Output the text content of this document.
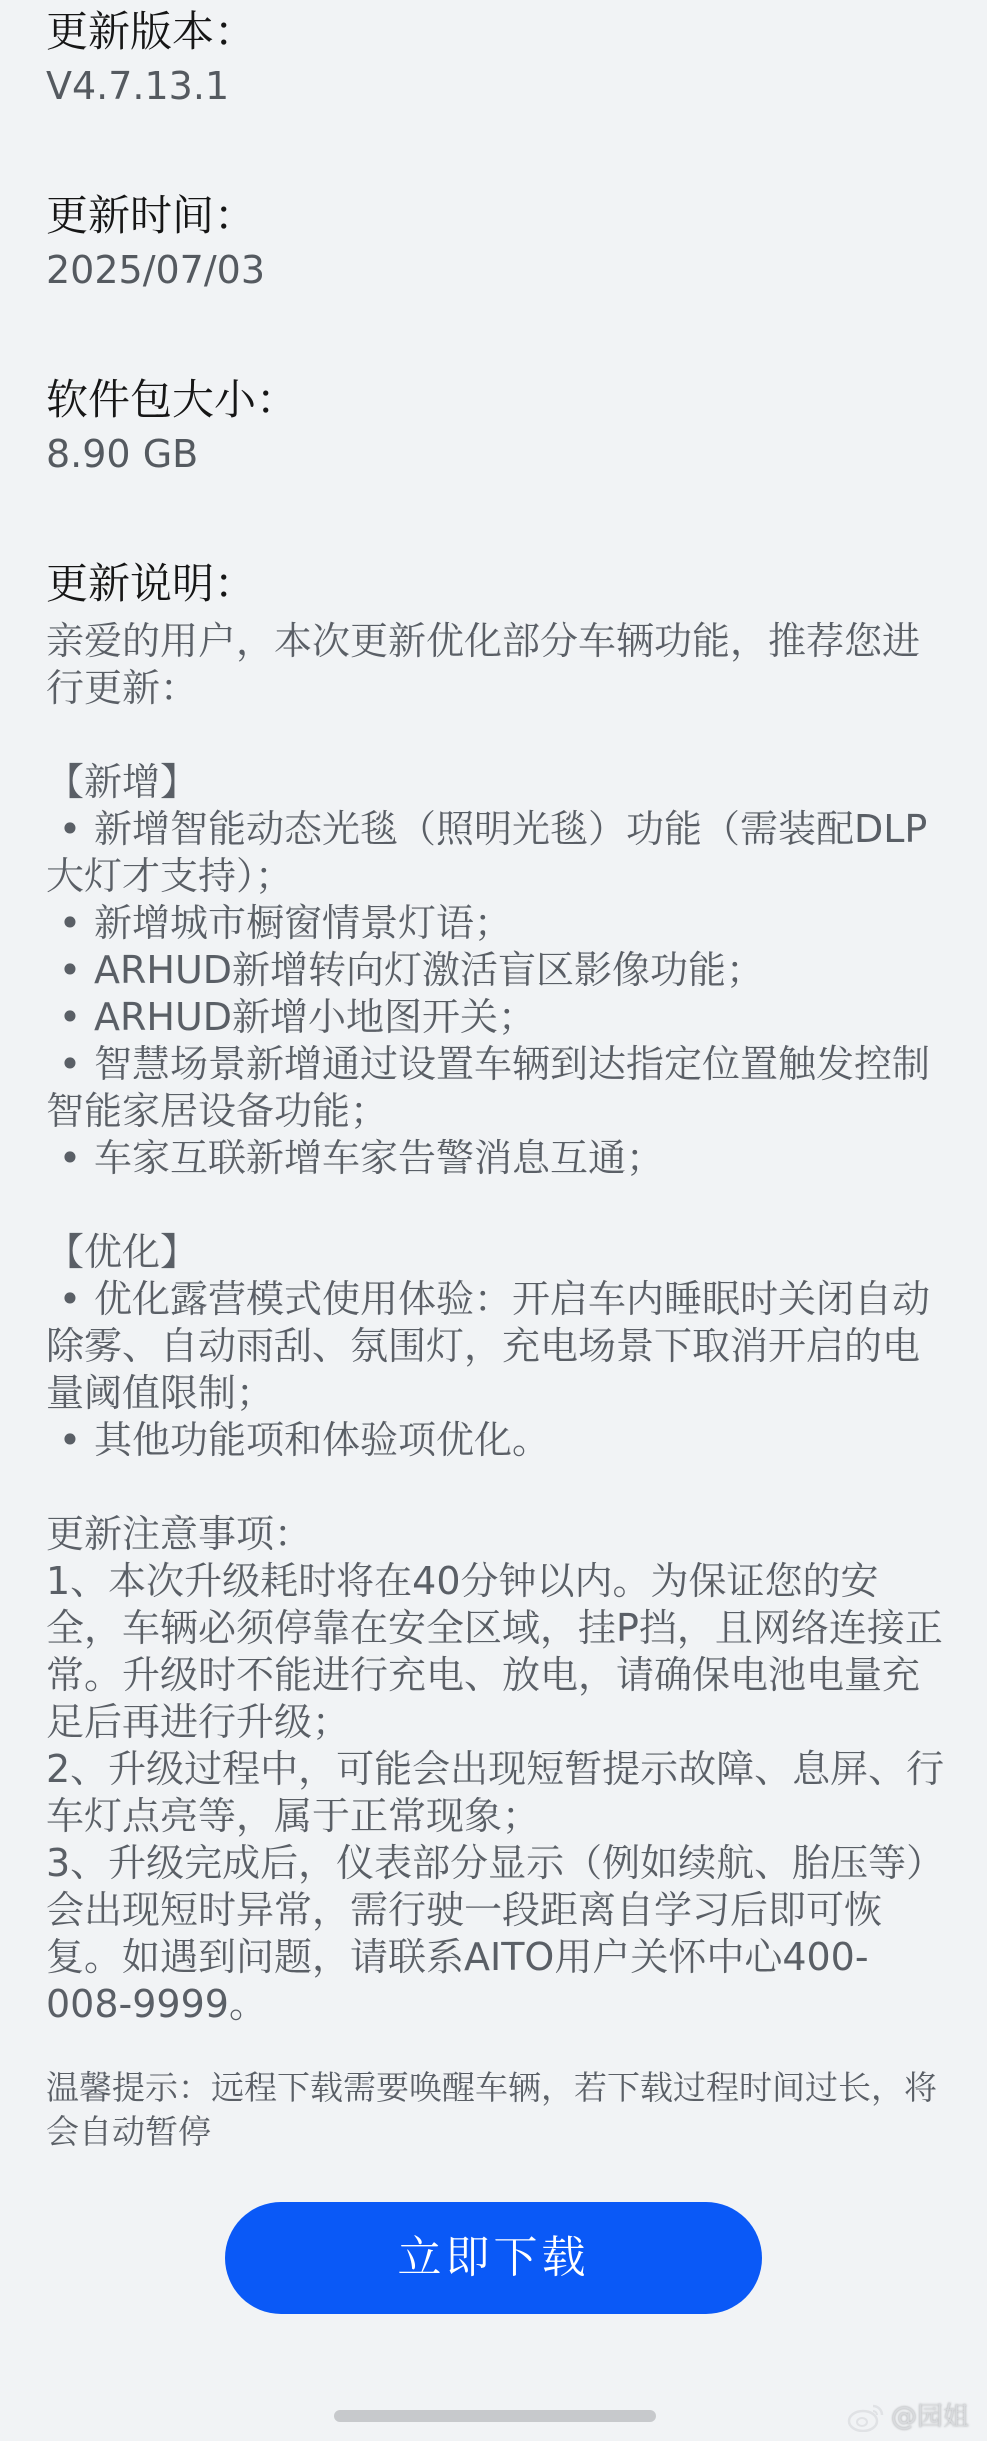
更新版本：
V4.7.13.1
更新时间：
2025/07/03
软件包大小：
8.90 GB
更新说明：

亲爱的用户，本次更新优化部分车辆功能，推荐您进行更新：

【新增】

• 新增智能动态光毯（照明光毯）功能（需装配DLP大灯才支持）；

• 新增城市橱窗情景灯语；

• ARHUD新增转向灯激活盲区影像功能；

• ARHUD新增小地图开关；

• 智慧场景新增通过设置车辆到达指定位置触发控制智能家居设备功能；

• 车家互联新增车家告警消息互通；

【优化】

• 优化露营模式使用体验：开启车内睡眠时关闭自动除雾、自动雨刮、氛围灯，充电场景下取消开启的电量阈值限制；

• 其他功能项和体验项优化。

更新注意事项：

1、本次升级耗时将在40分钟以内。为保证您的安全，车辆必须停靠在安全区域，挂P挡，且网络连接正常。升级时不能进行充电、放电，请确保电池电量充足后再进行升级；

2、升级过程中，可能会出现短暂提示故障、息屏、行车灯点亮等，属于正常现象；

3、升级完成后，仪表部分显示（例如续航、胎压等）会出现短时异常，需行驶一段距离自学习后即可恢复。如遇到问题，请联系AITO用户关怀中心400-008-9999。

温馨提示：远程下载需要唤醒车辆，若下载过程时间过长，将会自动暂停
立即下载
@园姐
